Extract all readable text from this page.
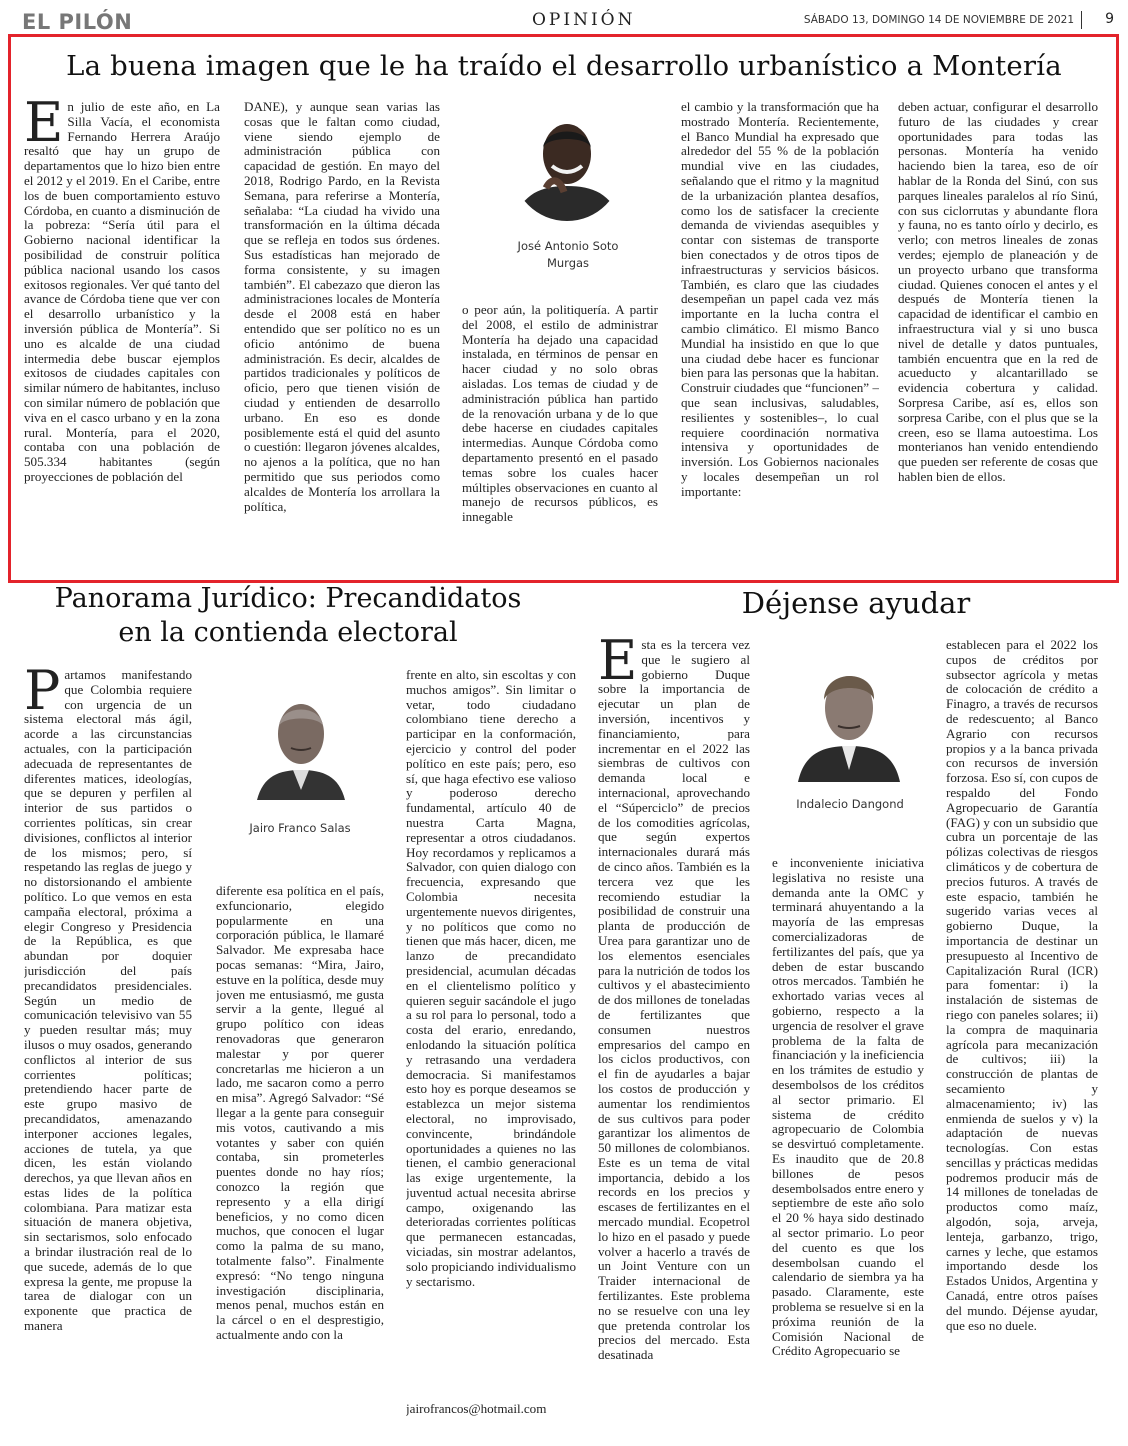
EL PILÓN	OPINIÓN	SÁBADO 13, DOMINGO 14 DE NOVIEMBRE DE 2021 9
La buena imagen que le ha traído el desarrollo urbanístico a Montería
En julio de este año, en La Silla Vacía, el economista Fernando Herrera Araújo resaltó que hay un grupo de departamentos que lo hizo bien entre el 2012 y el 2019. En el Caribe, entre los de buen comportamiento estuvo Córdoba, en cuanto a disminución de la pobreza: “Sería útil para el Gobierno nacional identificar la posibilidad de construir política pública nacional usando los casos exitosos regionales. Ver qué tanto del avance de Córdoba tiene que ver con el desarrollo urbanístico y la inversión pública de Montería”. Si uno es alcalde de una ciudad intermedia debe buscar ejemplos exitosos de ciudades capitales con similar número de habitantes, incluso con similar número de población que viva en el casco urbano y en la zona rural. Montería, para el 2020, contaba con una población de 505.334 habitantes (según proyecciones de población del
DANE), y aunque sean varias las cosas que le faltan como ciudad, viene siendo ejemplo de administración pública con capacidad de gestión. En mayo del 2018, Rodrigo Pardo, en la Revista Semana, para referirse a Montería, señalaba: “La ciudad ha vivido una transformación en la última década que se refleja en todos sus órdenes. Sus estadísticas han mejorado de forma consistente, y su imagen también”. El cabezazo que dieron las administraciones locales de Montería desde el 2008 está en haber entendido que ser político no es un oficio antónimo de buena administración. Es decir, alcaldes de partidos tradicionales y políticos de oficio, pero que tienen visión de ciudad y entienden de desarrollo urbano. En eso es donde posiblemente está el quid del asunto o cuestión: llegaron jóvenes alcaldes, no ajenos a la política, que no han permitido que sus periodos como alcaldes de Montería los arrollara la política,
José Antonio Soto
Murgas
o peor aún, la politiquería. A partir del 2008, el estilo de administrar Montería ha dejado una capacidad instalada, en términos de pensar en hacer ciudad y no solo obras aisladas. Los temas de ciudad y de administración pública han partido de la renovación urbana y de lo que debe hacerse en ciudades capitales intermedias. Aunque Córdoba como departamento presentó en el pasado temas sobre los cuales hacer múltiples observaciones en cuanto al manejo de recursos públicos, es innegable
el cambio y la transformación que ha mostrado Montería. Recientemente, el Banco Mundial ha expresado que alrededor del 55 % de la población mundial vive en las ciudades, señalando que el ritmo y la magnitud de la urbanización plantea desafíos, como los de satisfacer la creciente demanda de viviendas asequibles y contar con sistemas de transporte bien conectados y de otros tipos de infraestructuras y servicios básicos. También, es claro que las ciudades desempeñan un papel cada vez más importante en la lucha contra el cambio climático. El mismo Banco Mundial ha insistido en que lo que una ciudad debe hacer es funcionar bien para las personas que la habitan. Construir ciudades que “funcionen” –que sean inclusivas, saludables, resilientes y sostenibles–, lo cual requiere coordinación normativa intensiva y oportunidades de inversión. Los Gobiernos nacionales y locales desempeñan un rol importante:
deben actuar, configurar el desarrollo futuro de las ciudades y crear oportunidades para todas las personas. Montería ha venido haciendo bien la tarea, eso de oír hablar de la Ronda del Sinú, con sus parques lineales paralelos al río Sinú, con sus ciclorrutas y abundante flora y fauna, no es tanto oírlo y decirlo, es verlo; con metros lineales de zonas verdes; ejemplo de planeación y de un proyecto urbano que transforma ciudad. Quienes conocen el antes y el después de Montería tienen la capacidad de identificar el cambio en infraestructura vial y si uno busca nivel de detalle y datos puntuales, también encuentra que en la red de acueducto y alcantarillado se evidencia cobertura y calidad. Sorpresa Caribe, así es, ellos son sorpresa Caribe, con el plus que se la creen, eso se llama autoestima. Los monterianos han venido entendiendo que pueden ser referente de cosas que hablen bien de ellos.
Panorama Jurídico: Precandidatos
en la contienda electoral
Partamos manifestando que Colombia requiere con urgencia de un sistema electoral más ágil, acorde a las circunstancias actuales, con la participación adecuada de representantes de diferentes matices, ideologías, que se depuren y perfilen al interior de sus partidos o corrientes políticas, sin crear divisiones, conflictos al interior de los mismos; pero, sí respetando las reglas de juego y no distorsionando el ambiente político. Lo que vemos en esta campaña electoral, próxima a elegir Congreso y Presidencia de la República, es que abundan por doquier jurisdicción del país precandidatos presidenciales. Según un medio de comunicación televisivo van 55 y pueden resultar más; muy ilusos o muy osados, generando conflictos al interior de sus corrientes políticas; pretendiendo hacer parte de este grupo masivo de precandidatos, amenazando interponer acciones legales, acciones de tutela, ya que dicen, les están violando derechos, ya que llevan años en estas lides de la política colombiana. Para matizar esta situación de manera objetiva, sin sectarismos, solo enfocado a brindar ilustración real de lo que sucede, además de lo que expresa la gente, me propuse la tarea de dialogar con un exponente que practica de manera
Jairo Franco Salas
diferente esa política en el país, exfuncionario, elegido popularmente en una corporación pública, le llamaré Salvador. Me expresaba hace pocas semanas: “Mira, Jairo, estuve en la política, desde muy joven me entusiasmó, me gusta servir a la gente, llegué al grupo político con ideas renovadoras que generaron malestar y por querer concretarlas me hicieron a un lado, me sacaron como a perro en misa”. Agregó Salvador: “Sé llegar a la gente para conseguir mis votos, cautivando a mis votantes y saber con quién contaba, sin prometerles puentes donde no hay ríos; conozco la región que represento y a ella dirigí beneficios, y no como dicen muchos, que conocen el lugar como la palma de su mano, totalmente falso”. Finalmente expresó: “No tengo ninguna investigación disciplinaria, menos penal, muchos están en la cárcel o en el desprestigio, actualmente ando con la
frente en alto, sin escoltas y con muchos amigos”. Sin limitar o vetar, todo ciudadano colombiano tiene derecho a participar en la conformación, ejercicio y control del poder político en este país; pero, eso sí, que haga efectivo ese valioso y poderoso derecho fundamental, artículo 40 de nuestra Carta Magna, representar a otros ciudadanos. Hoy recordamos y replicamos a Salvador, con quien dialogo con frecuencia, expresando que Colombia necesita urgentemente nuevos dirigentes, y no políticos que como no tienen que más hacer, dicen, me lanzo de precandidato presidencial, acumulan décadas en el clientelismo político y quieren seguir sacándole el jugo a su rol para lo personal, todo a costa del erario, enredando, enlodando la situación política y retrasando una verdadera democracia. Si manifestamos esto hoy es porque deseamos se establezca un mejor sistema electoral, no improvisado, convincente, brindándole oportunidades a quienes no las tienen, el cambio generacional las exige urgentemente, la juventud actual necesita abrirse campo, oxigenando las deterioradas corrientes políticas que permanecen estancadas, viciadas, sin mostrar adelantos, solo propiciando individualismo y sectarismo.
jairofrancos@hotmail.com
Déjense ayudar
Esta es la tercera vez que le sugiero al gobierno Duque sobre la importancia de ejecutar un plan de inversión, incentivos y financiamiento, para incrementar en el 2022 las siembras de cultivos con demanda local e internacional, aprovechando el “Súperciclo” de precios de los comodities agrícolas, que según expertos internacionales durará más de cinco años. También es la tercera vez que les recomiendo estudiar la posibilidad de construir una planta de producción de Urea para garantizar uno de los elementos esenciales para la nutrición de todos los cultivos y el abastecimiento de dos millones de toneladas de fertilizantes que consumen nuestros empresarios del campo en los ciclos productivos, con el fin de ayudarles a bajar los costos de producción y aumentar los rendimientos de sus cultivos para poder garantizar los alimentos de 50 millones de colombianos. Este es un tema de vital importancia, debido a los records en los precios y escases de fertilizantes en el mercado mundial. Ecopetrol lo hizo en el pasado y puede volver a hacerlo a través de un Joint Venture con un Traider internacional de fertilizantes. Este problema no se resuelve con una ley que pretenda controlar los precios del mercado. Esta desatinada
Indalecio Dangond
e inconveniente iniciativa legislativa no resiste una demanda ante la OMC y terminará ahuyentando a la mayoría de las empresas comercializadoras de fertilizantes del país, que ya deben de estar buscando otros mercados. También he exhortado varias veces al gobierno, respecto a la urgencia de resolver el grave problema de la falta de financiación y la ineficiencia en los trámites de estudio y desembolsos de los créditos al sector primario. El sistema de crédito agropecuario de Colombia se desvirtuó completamente. Es inaudito que de 20.8 billones de pesos desembolsados entre enero y septiembre de este año solo el 20 % haya sido destinado al sector primario. Lo peor del cuento es que los desembolsan cuando el calendario de siembra ya ha pasado. Claramente, este problema se resuelve si en la próxima reunión de la Comisión Nacional de Crédito Agropecuario se
establecen para el 2022 los cupos de créditos por subsector agrícola y metas de colocación de crédito a Finagro, a través de recursos de redescuento; al Banco Agrario con recursos propios y a la banca privada con recursos de inversión forzosa. Eso sí, con cupos de respaldo del Fondo Agropecuario de Garantía (FAG) y con un subsidio que cubra un porcentaje de las pólizas colectivas de riesgos climáticos y de cobertura de precios futuros. A través de este espacio, también he sugerido varias veces al gobierno Duque, la importancia de destinar un presupuesto al Incentivo de Capitalización Rural (ICR) para fomentar: i) la instalación de sistemas de riego con paneles solares; ii) la compra de maquinaria agrícola para mecanización de cultivos; iii) la construcción de plantas de secamiento y almacenamiento; iv) las enmienda de suelos y v) la adaptación de nuevas tecnologías. Con estas sencillas y prácticas medidas podremos producir más de 14 millones de toneladas de productos como maíz, algodón, soja, arveja, lenteja, garbanzo, trigo, carnes y leche, que estamos importando desde los Estados Unidos, Argentina y Canadá, entre otros países del mundo. Déjense ayudar, que eso no duele.
